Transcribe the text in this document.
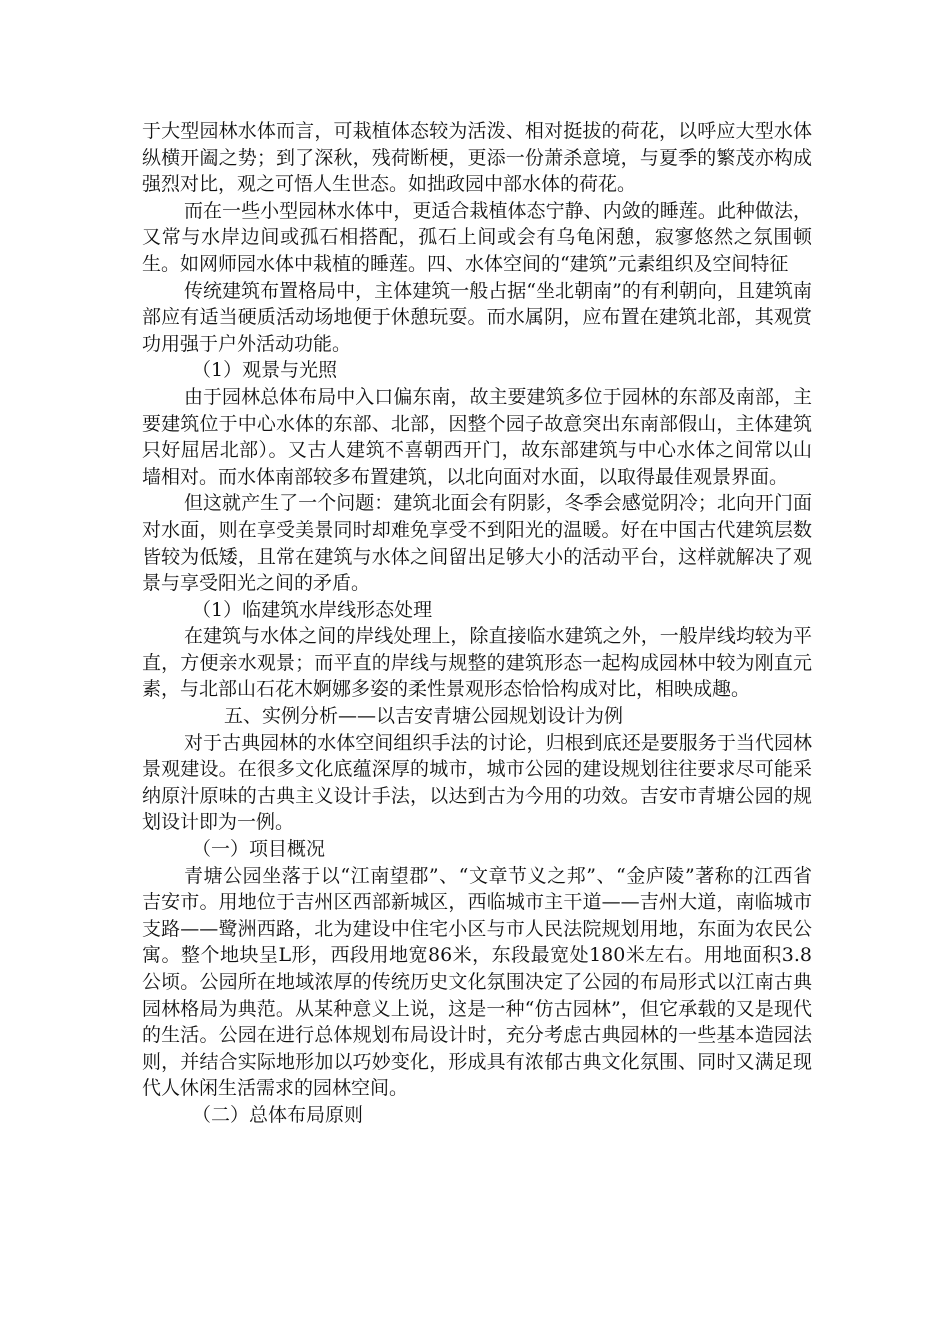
于大型园林水体而言，可栽植体态较为活泼、相对挺拔的荷花，以呼应大型水体纵横开阖之势；到了深秋，残荷断梗，更添一份萧杀意境，与夏季的繁茂亦构成强烈对比，观之可悟人生世态。如拙政园中部水体的荷花。

而在一些小型园林水体中，更适合栽植体态宁静、内敛的睡莲。此种做法，又常与水岸边间或孤石相搭配，孤石上间或会有乌龟闲憩，寂寥悠然之氛围顿生。如网师园水体中栽植的睡莲。四、水体空间的“建筑”元素组织及空间特征

传统建筑布置格局中，主体建筑一般占据“坐北朝南”的有利朝向，且建筑南部应有适当硬质活动场地便于休憩玩耍。而水属阴，应布置在建筑北部，其观赏功用强于户外活动功能。

（1）观景与光照

由于园林总体布局中入口偏东南，故主要建筑多位于园林的东部及南部，主要建筑位于中心水体的东部、北部，因整个园子故意突出东南部假山，主体建筑只好屈居北部）。又古人建筑不喜朝西开门，故东部建筑与中心水体之间常以山墙相对。而水体南部较多布置建筑，以北向面对水面，以取得最佳观景界面。

但这就产生了一个问题：建筑北面会有阴影，冬季会感觉阴冷；北向开门面对水面，则在享受美景同时却难免享受不到阳光的温暖。好在中国古代建筑层数皆较为低矮，且常在建筑与水体之间留出足够大小的活动平台，这样就解决了观景与享受阳光之间的矛盾。

（1）临建筑水岸线形态处理

在建筑与水体之间的岸线处理上，除直接临水建筑之外，一般岸线均较为平直，方便亲水观景；而平直的岸线与规整的建筑形态一起构成园林中较为刚直元素，与北部山石花木婀娜多姿的柔性景观形态恰恰构成对比，相映成趣。

五、实例分析——以吉安青塘公园规划设计为例

对于古典园林的水体空间组织手法的讨论，归根到底还是要服务于当代园林景观建设。在很多文化底蕴深厚的城市，城市公园的建设规划往往要求尽可能采纳原汁原味的古典主义设计手法，以达到古为今用的功效。吉安市青塘公园的规划设计即为一例。

（一）项目概况

青塘公园坐落于以“江南望郡”、“文章节义之邦”、“金庐陵”著称的江西省吉安市。用地位于吉州区西部新城区，西临城市主干道——吉州大道，南临城市支路——鹭洲西路，北为建设中住宅小区与市人民法院规划用地，东面为农民公寓。整个地块呈L形，西段用地宽86米，东段最宽处180米左右。用地面积3.8公顷。公园所在地域浓厚的传统历史文化氛围决定了公园的布局形式以江南古典园林格局为典范。从某种意义上说，这是一种“仿古园林”，但它承载的又是现代的生活。公园在进行总体规划布局设计时，充分考虑古典园林的一些基本造园法则，并结合实际地形加以巧妙变化，形成具有浓郁古典文化氛围、同时又满足现代人休闲生活需求的园林空间。

（二）总体布局原则
